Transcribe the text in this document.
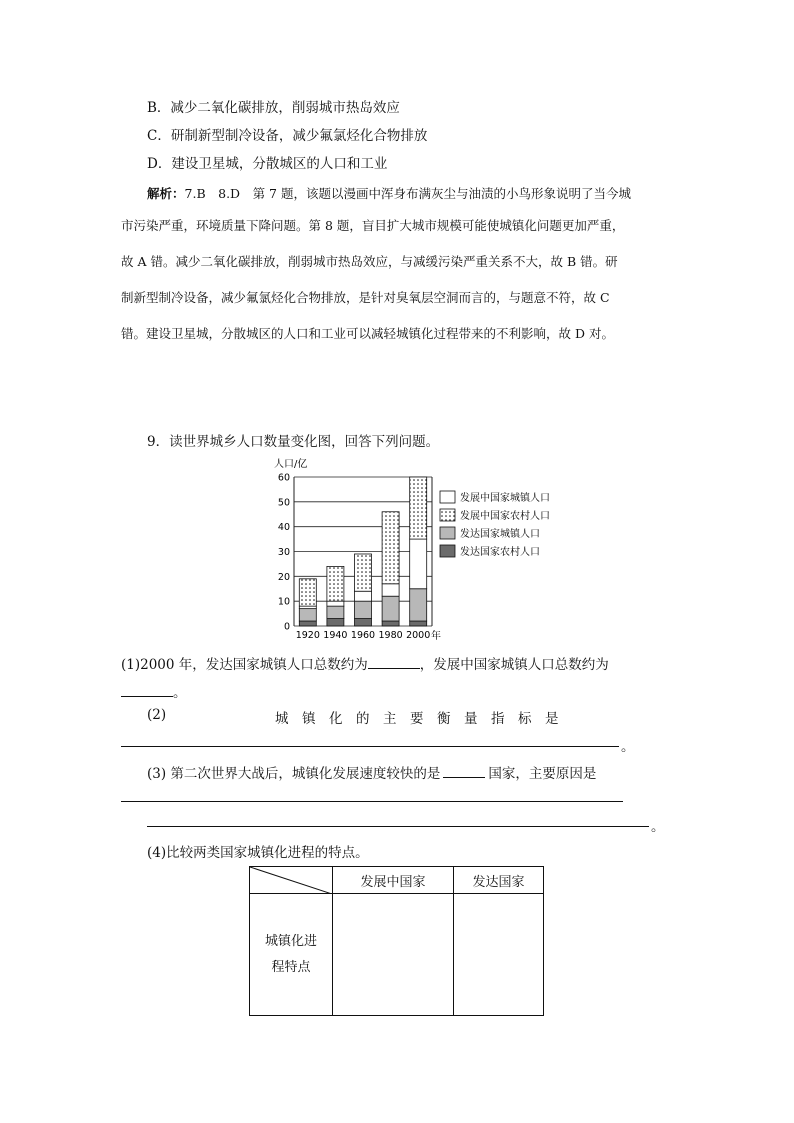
B．减少二氧化碳排放，削弱城市热岛效应
C．研制新型制冷设备，减少氟氯烃化合物排放
D．建设卫星城，分散城区的人口和工业
解析：7.B　8.D　第 7 题，该题以漫画中浑身布满灰尘与油渍的小鸟形象说明了当今城
市污染严重，环境质量下降问题。第 8 题，盲目扩大城市规模可能使城镇化问题更加严重，
故 A 错。减少二氧化碳排放，削弱城市热岛效应，与减缓污染严重关系不大，故 B 错。研
制新型制冷设备，减少氟氯烃化合物排放，是针对臭氧层空洞而言的，与题意不符，故 C
错。建设卫星城，分散城区的人口和工业可以减轻城镇化过程带来的不利影响，故 D 对。
9．读世界城乡人口数量变化图，回答下列问题。
0
10
20
30
40
50
60
1920 1940 1960 1980 2000
发展中国家城镇人口
发展中国家农村人口
发达国家城镇人口
发达国家农村人口
人口/亿
年
(1)2000 年，发达国家城镇人口总数约为	，发展中国家城镇人口总数约为
。
(2)	城　镇　化　的　主　要　衡　量　指　标　是
。
(3) 第二次世界大战后，城镇化发展速度较快的是	国家，主要原因是
。
(4)比较两类国家城镇化进程的特点。
	发展中国家	发达国家
城镇化进
程特点		
